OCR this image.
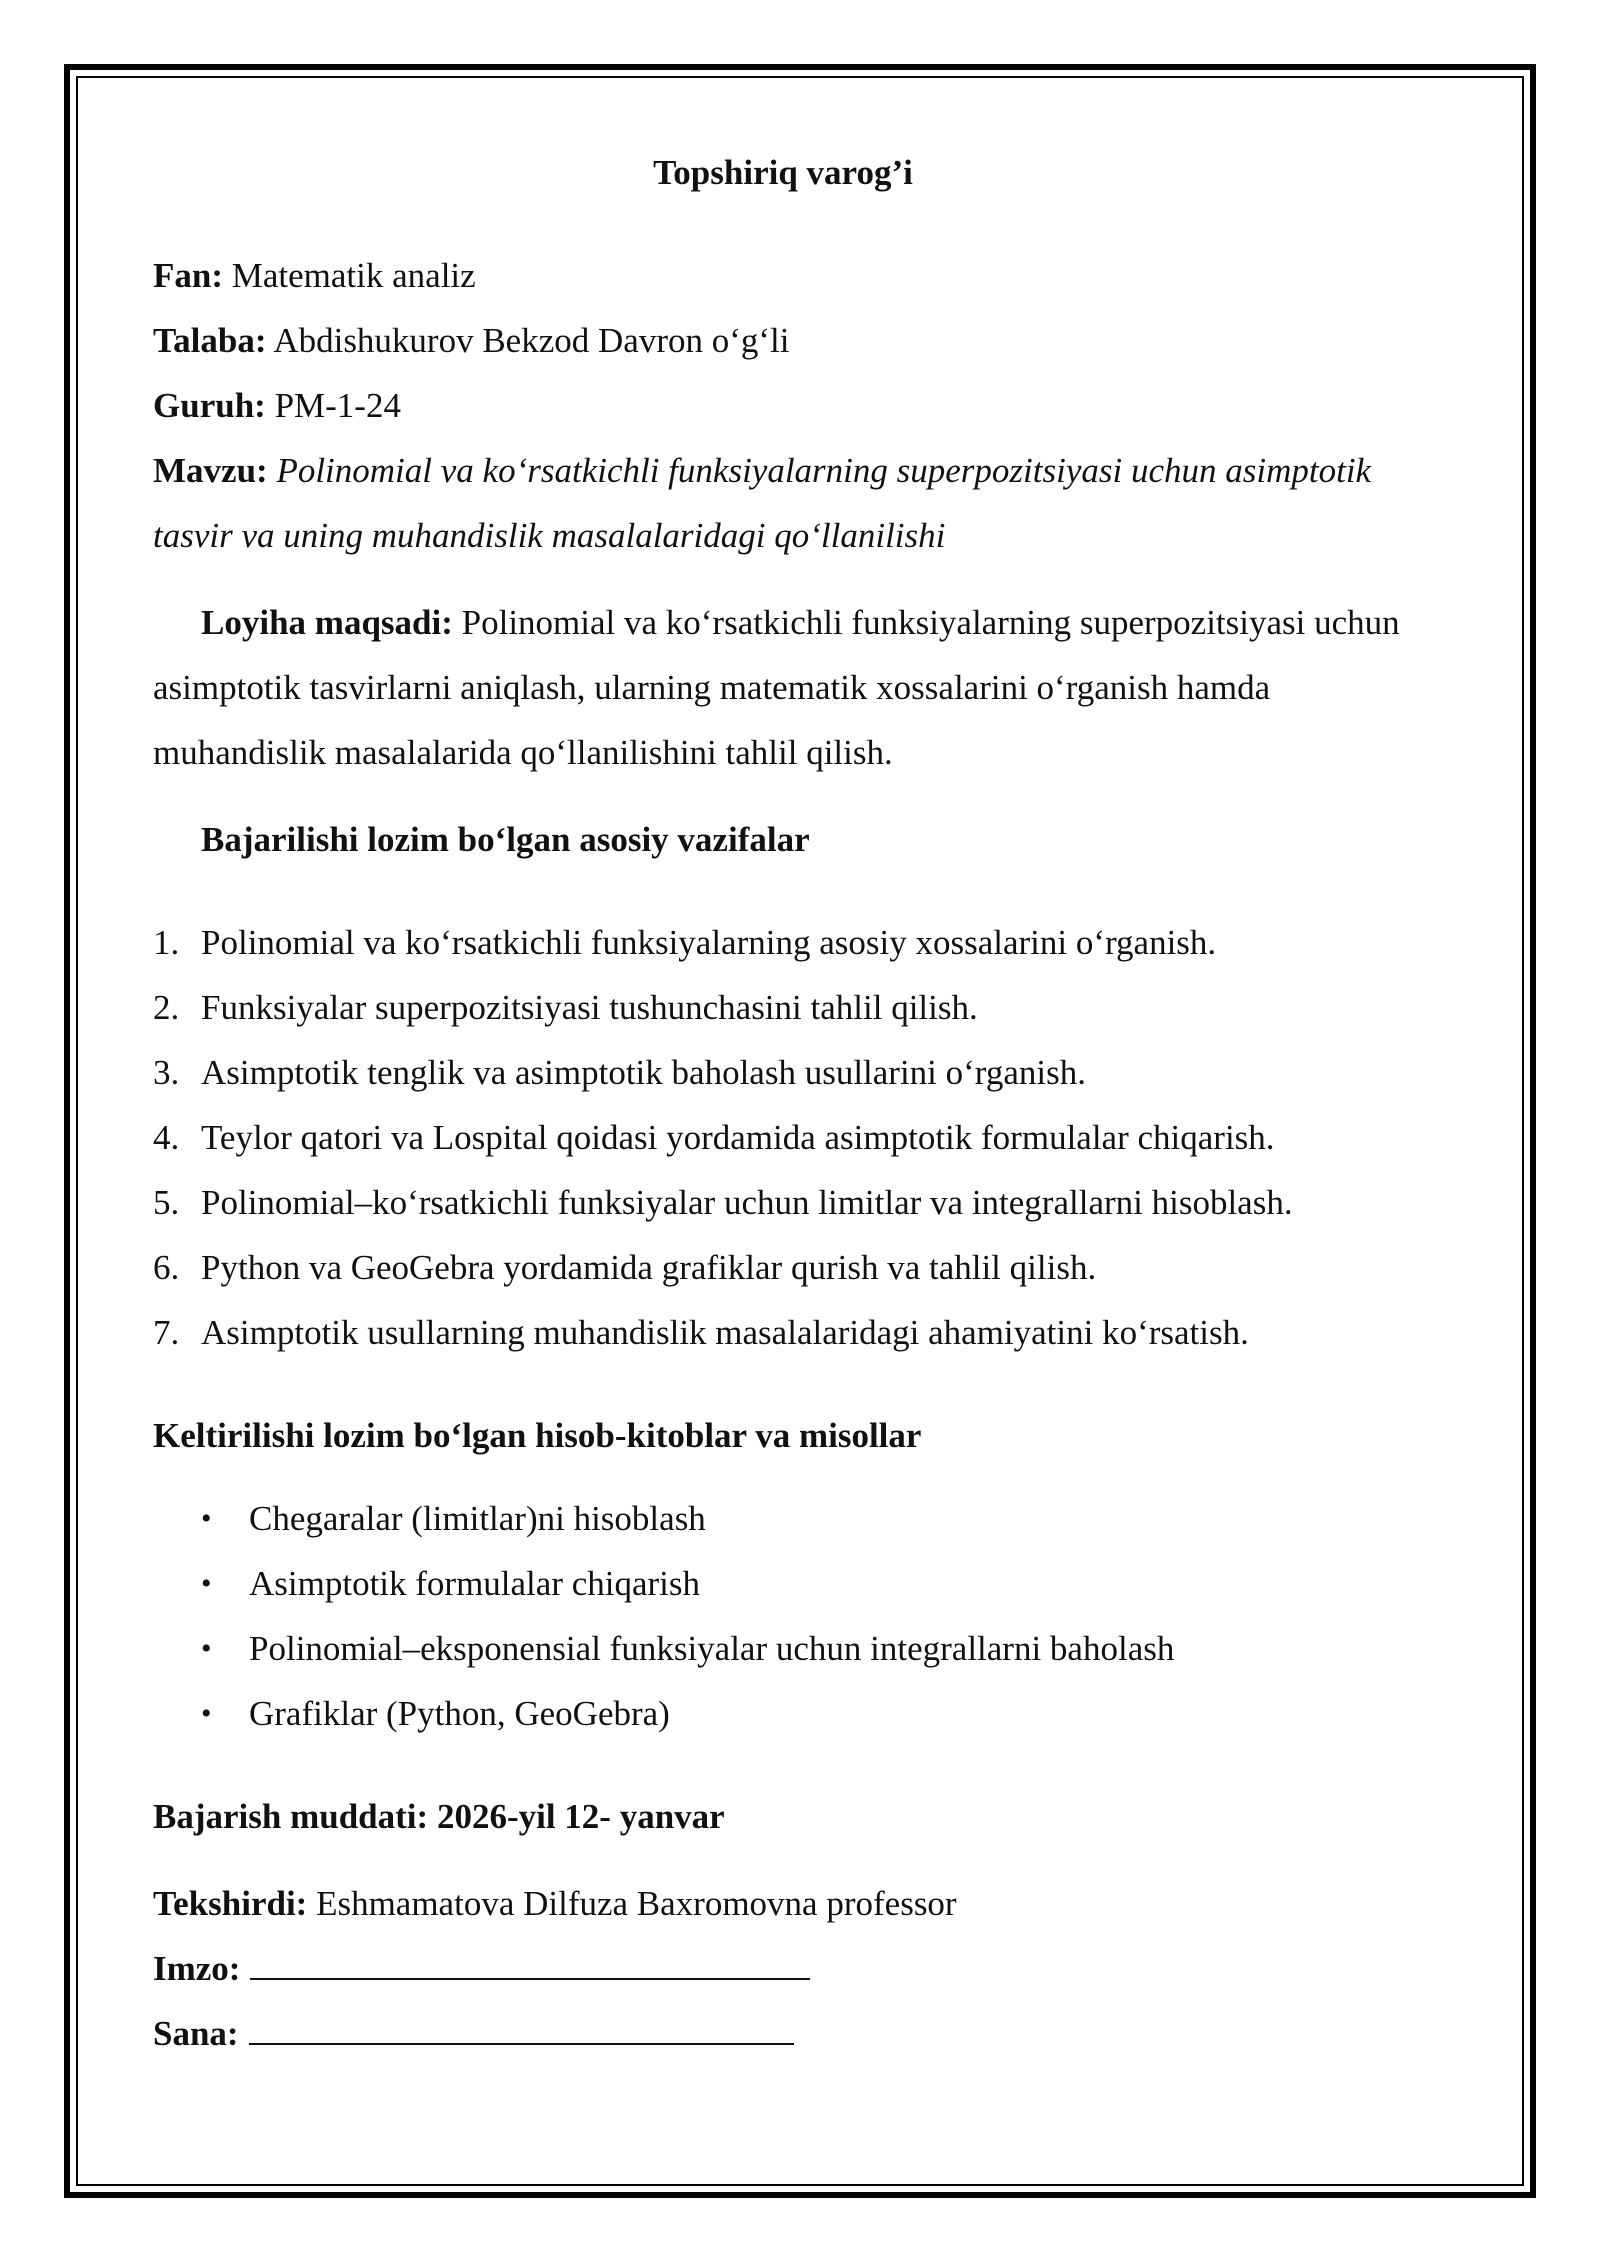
Topshiriq varog’i
Fan: Matematik analiz
Talaba: Abdishukurov Bekzod Davron o‘g‘li
Guruh: PM-1-24
Mavzu: Polinomial va ko‘rsatkichli funksiyalarning superpozitsiyasi uchun asimptotik tasvir va uning muhandislik masalalaridagi qo‘llanilishi
Loyiha maqsadi: Polinomial va ko‘rsatkichli funksiyalarning superpozitsiyasi uchun asimptotik tasvirlarni aniqlash, ularning matematik xossalarini o‘rganish hamda muhandislik masalalarida qo‘llanilishini tahlil qilish.
Bajarilishi lozim bo‘lgan asosiy vazifalar
1. Polinomial va ko‘rsatkichli funksiyalarning asosiy xossalarini o‘rganish.
2. Funksiyalar superpozitsiyasi tushunchasini tahlil qilish.
3. Asimptotik tenglik va asimptotik baholash usullarini o‘rganish.
4. Teylor qatori va Lospital qoidasi yordamida asimptotik formulalar chiqarish.
5. Polinomial–ko‘rsatkichli funksiyalar uchun limitlar va integrallarni hisoblash.
6. Python va GeoGebra yordamida grafiklar qurish va tahlil qilish.
7. Asimptotik usullarning muhandislik masalalaridagi ahamiyatini ko‘rsatish.
Keltirilishi lozim bo‘lgan hisob-kitoblar va misollar
• Chegaralar (limitlar)ni hisoblash
• Asimptotik formulalar chiqarish
• Polinomial–eksponensial funksiyalar uchun integrallarni baholash
• Grafiklar (Python, GeoGebra)
Bajarish muddati: 2026-yil 12- yanvar
Tekshirdi: Eshmamatova Dilfuza Baxromovna professor
Imzo:
Sana:
